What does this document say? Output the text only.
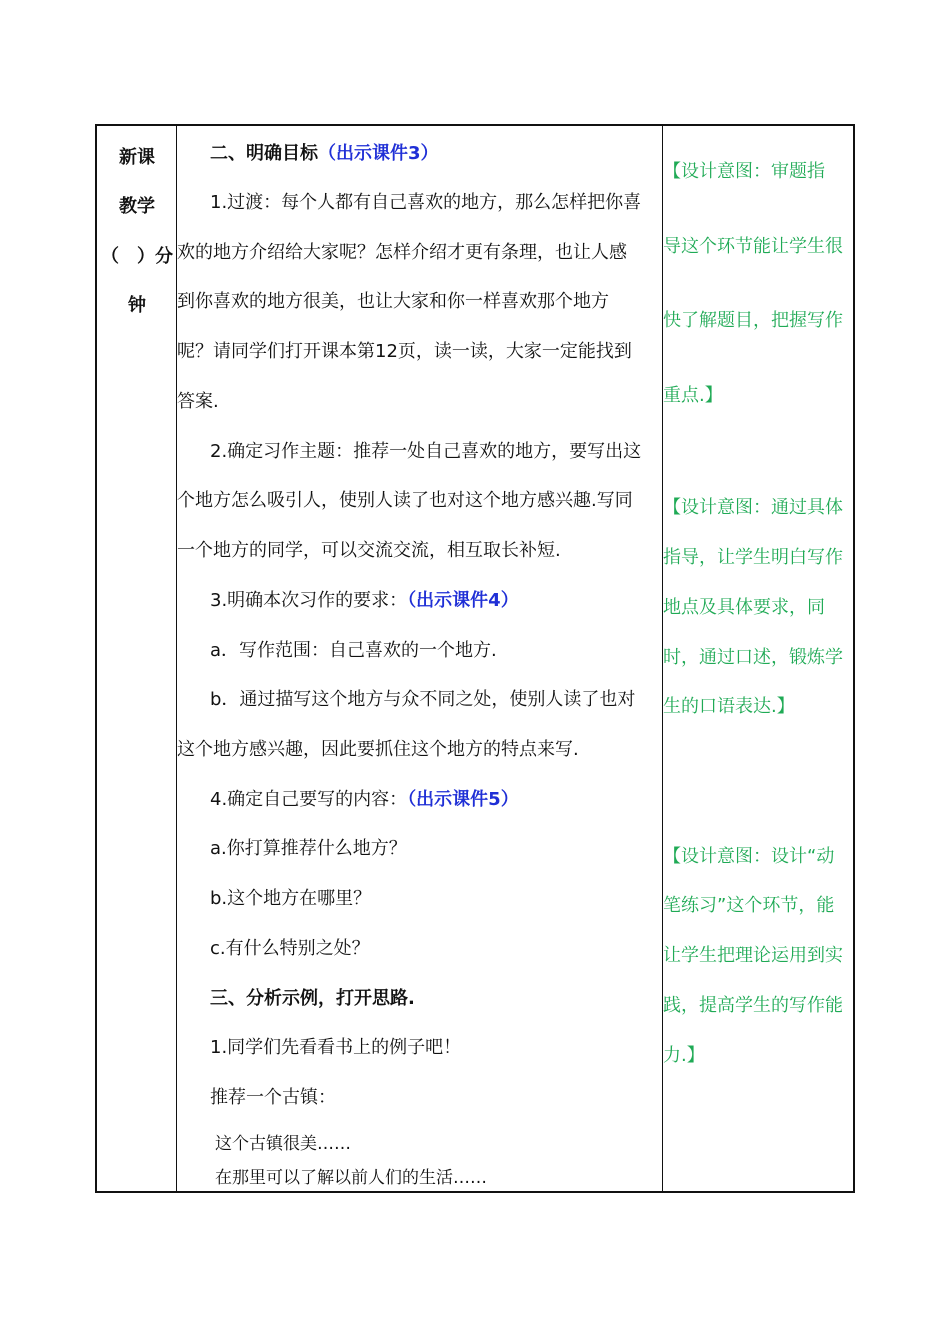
新课
教学
（　）分
钟
二、明确目标（出示课件3）
1.过渡：每个人都有自己喜欢的地方，那么怎样把你喜
欢的地方介绍给大家呢？怎样介绍才更有条理，也让人感
到你喜欢的地方很美，也让大家和你一样喜欢那个地方
呢？请同学们打开课本第12页，读一读，大家一定能找到
答案.
2.确定习作主题：推荐一处自己喜欢的地方，要写出这
个地方怎么吸引人，使别人读了也对这个地方感兴趣.写同
一个地方的同学，可以交流交流，相互取长补短.
3.明确本次习作的要求：（出示课件4）
a．写作范围：自己喜欢的一个地方.
b．通过描写这个地方与众不同之处，使别人读了也对
这个地方感兴趣，因此要抓住这个地方的特点来写.
4.确定自己要写的内容：（出示课件5）
a.你打算推荐什么地方？
b.这个地方在哪里？
c.有什么特别之处？
三、分析示例，打开思路.
1.同学们先看看书上的例子吧！
推荐一个古镇：
这个古镇很美……
在那里可以了解以前人们的生活……
【设计意图：审题指
导这个环节能让学生很
快了解题目，把握写作
重点.】
【设计意图：通过具体
指导，让学生明白写作
地点及具体要求，同
时，通过口述，锻炼学
生的口语表达.】
【设计意图：设计“动
笔练习”这个环节，能
让学生把理论运用到实
践，提高学生的写作能
力.】
